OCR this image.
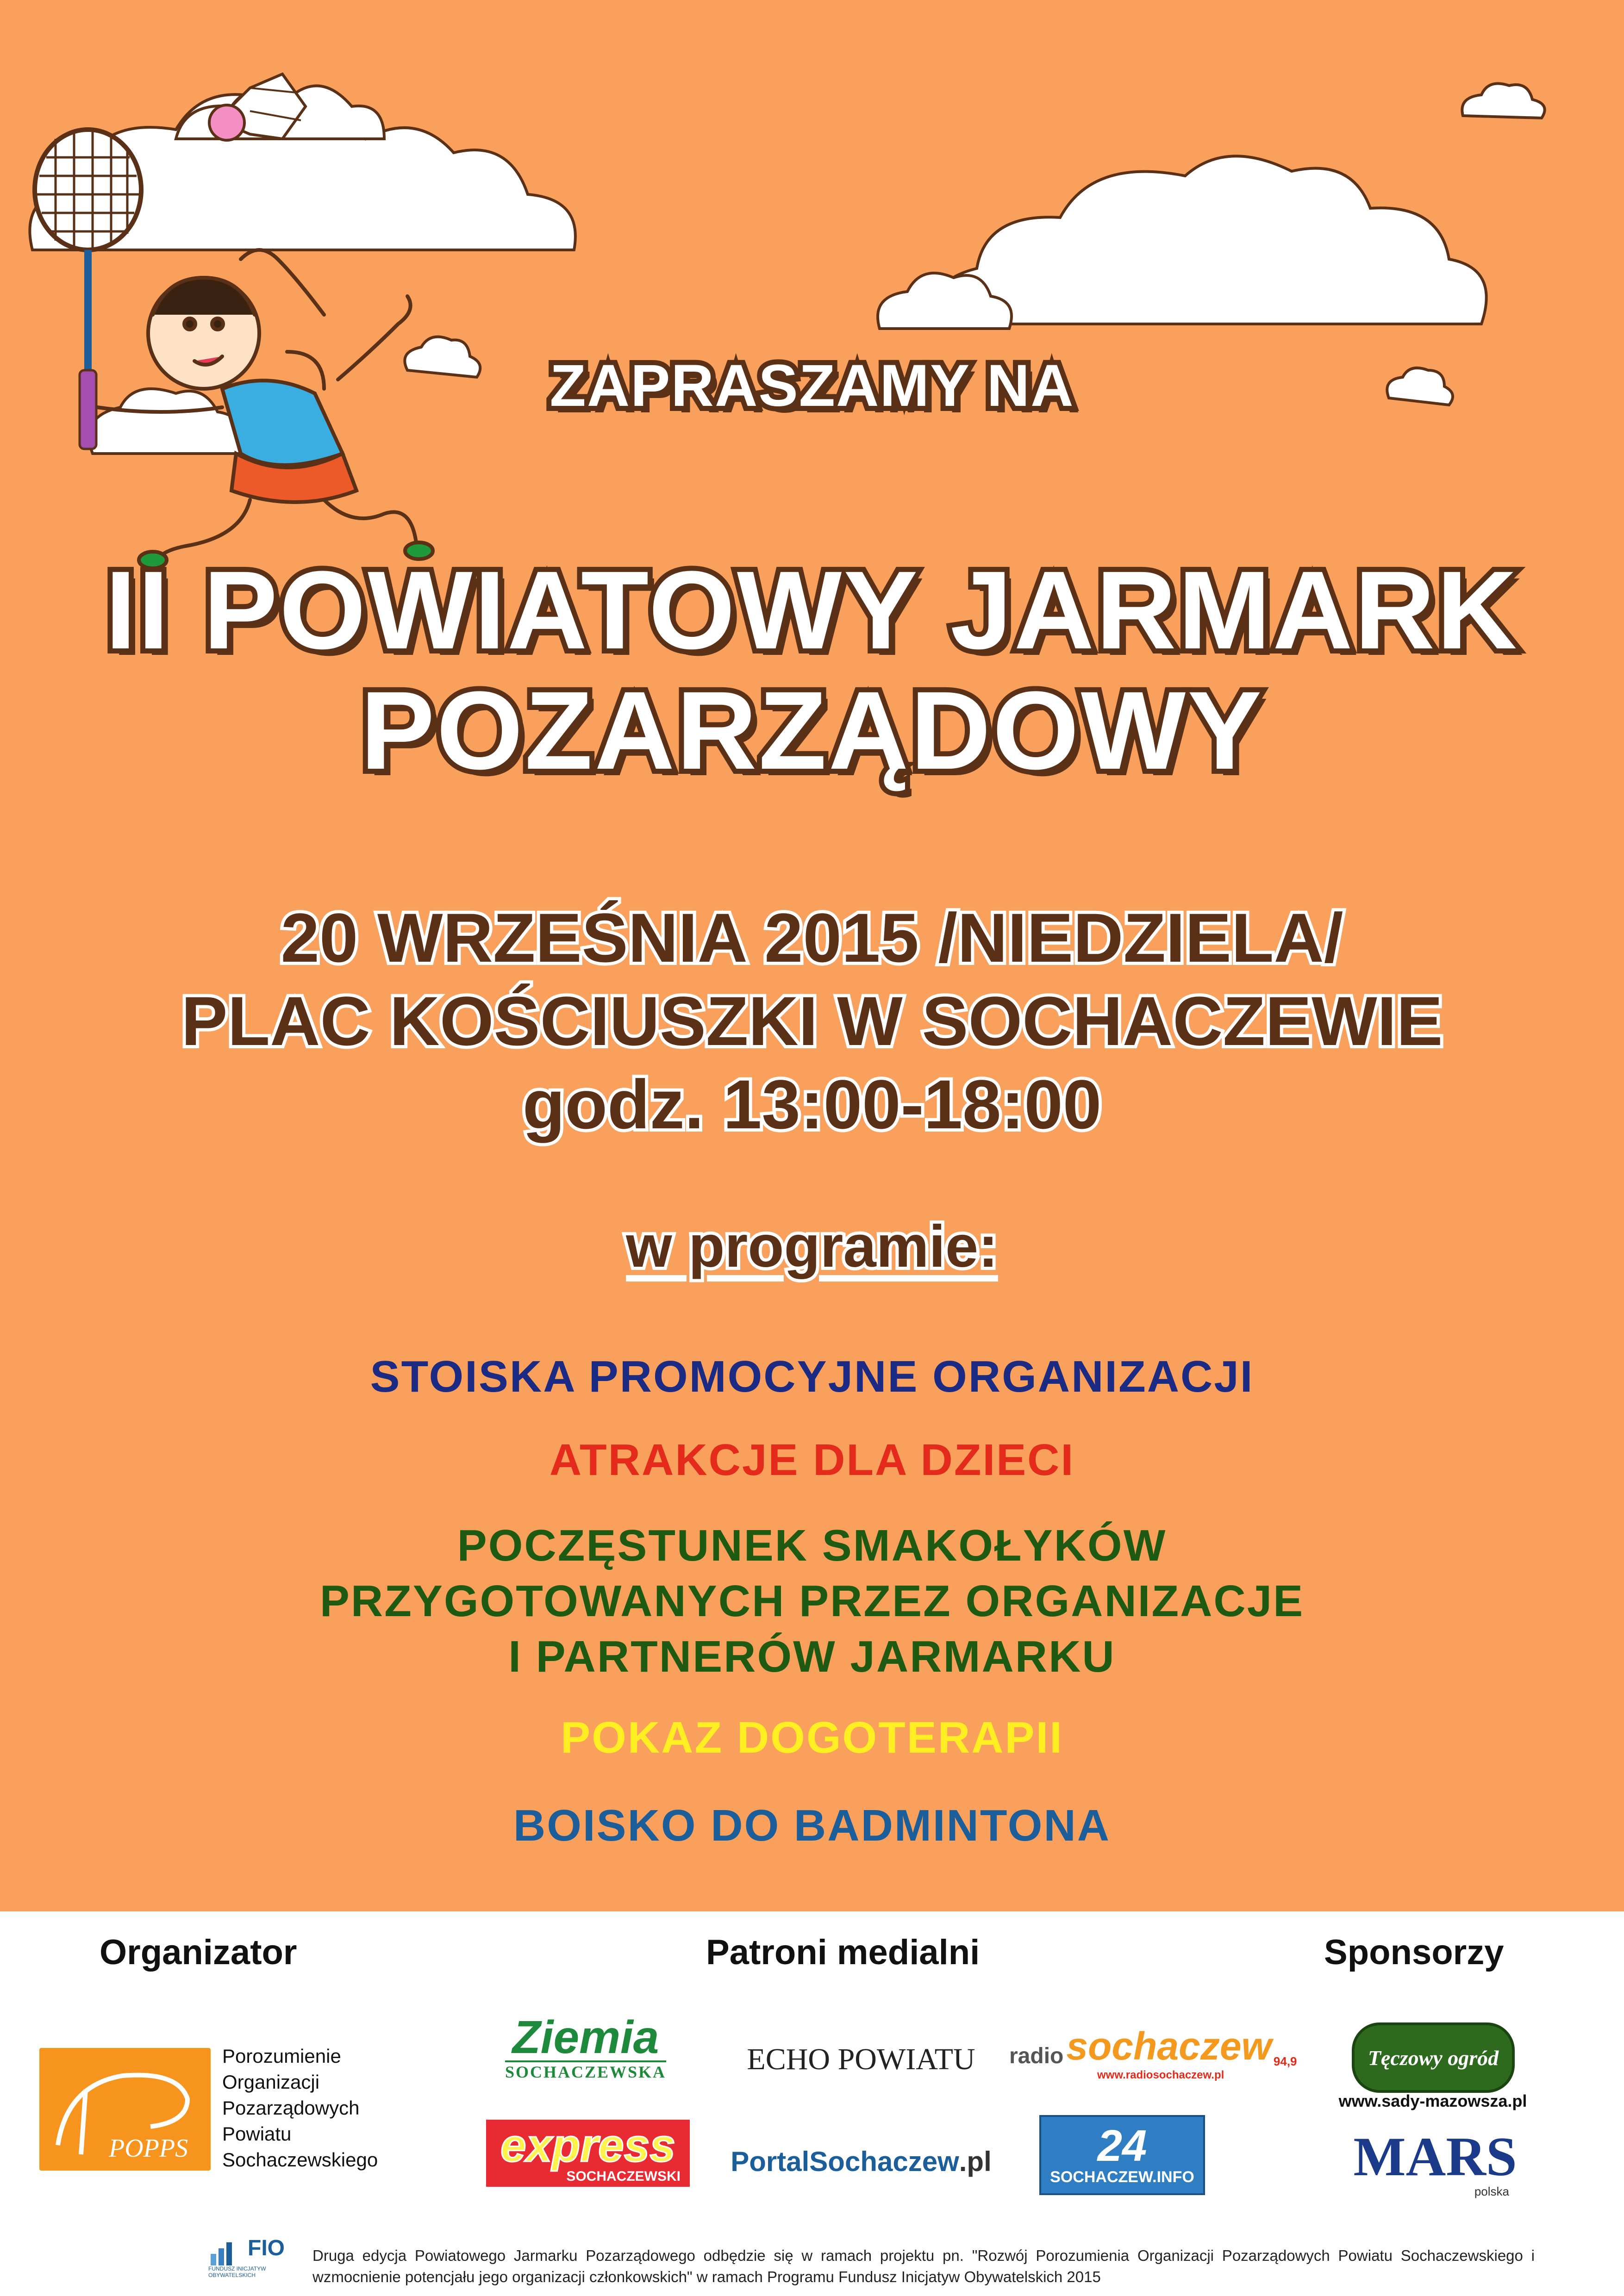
ZAPRASZAMY NA
II POWIATOWY JARMARK
POZARZĄDOWY

20 WRZEŚNIA 2015 /NIEDZIELA/

PLAC KOŚCIUSZKI W SOCHACZEWIE

godz. 13:00-18:00

w programie:

STOISKA PROMOCYJNE ORGANIZACJI

ATRAKCJE DLA DZIECI

POCZĘSTUNEK SMAKOŁYKÓW
PRZYGOTOWANYCH PRZEZ ORGANIZACJE
I PARTNERÓW JARMARKU

POKAZ DOGOTERAPII

BOISKO DO BADMINTONA

Organizator	Patroni medialni	Sponsorzy

POPPS
Porozumienie
Organizacji
Pozarządowych
Powiatu
Sochaczewskiego
Ziemia
SOCHACZEWSKA	ECHO POWIATU radio sochaczew 94,9
www.radiosochaczew.pl
express
SOCHACZEWSKI PortalSochaczew .pl 24
SOCHACZEW.INFO
Tęczowy ogród
www.sady-mazowsza.pl
MARS
polska
FIO
FUNDUSZ INICJATYW OBYWATELSKICH

Druga edycja Powiatowego Jarmarku Pozarządowego odbędzie się w ramach projektu pn. "Rozwój Porozumienia Organizacji Pozarządowych Powiatu Sochaczewskiego i wzmocnienie potencjału jego organizacji członkowskich" w ramach Programu Fundusz Inicjatyw Obywatelskich 2015
